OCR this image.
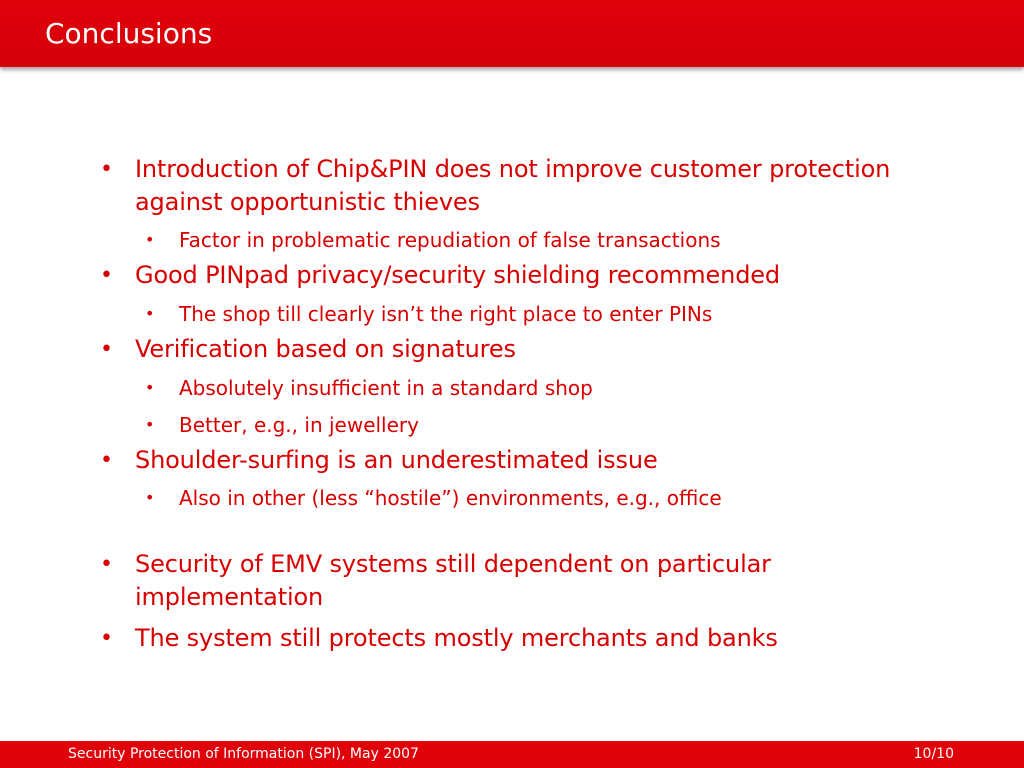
Conclusions
• Introduction of Chip&PIN does not improve customer protection against opportunistic thieves
• Factor in problematic repudiation of false transactions
• Good PINpad privacy/security shielding recommended
• The shop till clearly isn’t the right place to enter PINs
• Verification based on signatures
• Absolutely insufficient in a standard shop
• Better, e.g., in jewellery
• Shoulder-surfing is an underestimated issue
• Also in other (less “hostile”) environments, e.g., office
• Security of EMV systems still dependent on particular implementation
• The system still protects mostly merchants and banks
Security Protection of Information (SPI), May 2007	10/10
